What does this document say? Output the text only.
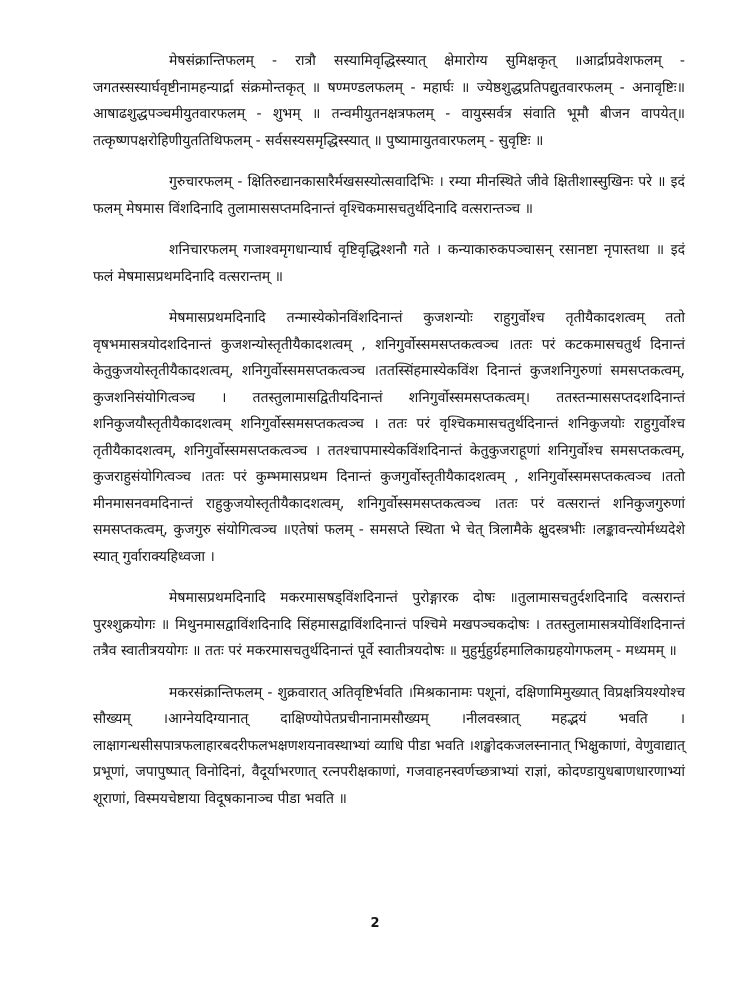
मेषसंक्रान्तिफलम् - रात्रौ सस्यामिवृद्धिस्स्यात् क्षेमारोग्य सुमिक्षकृत् ॥आर्द्राप्रवेशफलम् - जगतस्सस्यार्घवृष्टीनामहन्यार्द्रा संक्रमोन्तकृत् ॥ षण्मण्डलफलम् - महार्घः ॥ ज्येष्ठशुद्धप्रतिपद्युतवारफलम् - अनावृष्टिः॥ आषाढशुद्धपञ्चमीयुतवारफलम् - शुभम् ॥ तन्वमीयुतनक्षत्रफलम् - वायुस्सर्वत्र संवाति भूमौ बीजन वापयेत्॥ तत्कृष्णपक्षरोहिणीयुततिथिफलम् - सर्वसस्यसमृद्धिस्स्यात् ॥ पुष्यामायुतवारफलम् - सुवृष्टिः ॥

गुरुचारफलम् - क्षितिरुद्यानकासारैर्मखसस्योत्सवादिभिः । रम्या मीनस्थिते जीवे क्षितीशास्सुखिनः परे ॥ इदं फलम् मेषमास विंशदिनादि तुलामाससप्तमदिनान्तं वृश्चिकमासचतुर्थदिनादि वत्सरान्तञ्च ॥

शनिचारफलम् गजाश्वमृगधान्यार्घ वृष्टिवृद्धिश्शनौ गते । कन्याकारुकपञ्चासन् रसानष्टा नृपास्तथा ॥ इदं फलं मेषमासप्रथमदिनादि वत्सरान्तम् ॥

मेषमासप्रथमदिनादि तन्मास्येकोनविंशदिनान्तं कुजशन्योः राहुगुर्वोश्च तृतीयैकादशत्वम् ततो वृषभमासत्रयोदशदिनान्तं कुजशन्योस्तृतीयैकादशत्वम् , शनिगुर्वोस्समसप्तकत्वञ्च ।ततः परं कटकमासचतुर्थ दिनान्तं केतुकुजयोस्तृतीयैकादशत्वम्, शनिगुर्वोस्समसप्तकत्वञ्च ।ततस्सिंहमास्येकविंश दिनान्तं कुजशनिगुरुणां समसप्तकत्वम्, कुजशनिसंयोगित्वञ्च । ततस्तुलामासद्वितीयदिनान्तं शनिगुर्वोस्समसप्तकत्वम्। ततस्तन्माससप्तदशदिनान्तं शनिकुजयौस्तृतीयैकादशत्वम् शनिगुर्वोस्समसप्तकत्वञ्च । ततः परं वृश्चिकमासचतुर्थदिनान्तं शनिकुजयोः राहुगुर्वोश्च तृतीयैकादशत्वम्, शनिगुर्वोस्समसप्तकत्वञ्च । ततश्चापमास्येकविंशदिनान्तं केतुकुजराहूणां शनिगुर्वोश्च समसप्तकत्वम्, कुजराहुसंयोगित्वञ्च ।ततः परं कुम्भमासप्रथम दिनान्तं कुजगुर्वोस्तृतीयैकादशत्वम् , शनिगुर्वोस्समसप्तकत्वञ्च ।ततो मीनमासनवमदिनान्तं राहुकुजयोस्तृतीयैकादशत्वम्, शनिगुर्वोस्समसप्तकत्वञ्च ।ततः परं वत्सरान्तं शनिकुजगुरुणां समसप्तकत्वम्, कुजगुरु संयोगित्वञ्च ॥एतेषां फलम् - समसप्ते स्थिता भे चेत् त्रिलामैके क्षुदस्त्रभीः ।लङ्कावन्त्योर्मध्यदेशे स्यात् गुर्वाराक्यहिध्वजा ।

मेषमासप्रथमदिनादि मकरमासषड्विंशदिनान्तं पुरोङ्गारक दोषः ॥तुलामासचतुर्दशदिनादि वत्सरान्तं पुरश्शुक्रयोगः ॥ मिथुनमासद्वाविंशदिनादि सिंहमासद्वाविंशदिनान्तं पश्चिमे मखपञ्चकदोषः । ततस्तुलामासत्रयोविंशदिनान्तं तत्रैव स्वातीत्रययोगः ॥ ततः परं मकरमासचतुर्थदिनान्तं पूर्वे स्वातीत्रयदोषः ॥ मुहुर्मुहुर्ग्रहमालिकाग्रहयोगफलम् - मध्यमम् ॥

मकरसंक्रान्तिफलम् - शुक्रवारात् अतिवृष्टिर्भवति ।मिश्रकानामः पशूनां, दक्षिणामिमुख्यात् विप्रक्षत्रियश्योश्च सौख्यम् ।आग्नेयदिग्यानात् दाक्षिण्योपेतप्रचीनानामसौख्यम् ।नीलवस्त्रात् महद्भयं भवति । लाक्षागन्धसीसपात्रफलाहारबदरीफलभक्षणशयनावस्थाभ्यां व्याधि पीडा भवति ।शङ्खोदकजलस्नानात् भिक्षुकाणां, वेणुवाद्यात् प्रभूणां, जपापुष्पात् विनोदिनां, वैदूर्याभरणात् रत्नपरीक्षकाणां, गजवाहनस्वर्णच्छत्राभ्यां राज्ञां, कोदण्डायुधबाणधारणाभ्यां शूराणां, विस्मयचेष्टाया विदूषकानाञ्च पीडा भवति ॥

2
